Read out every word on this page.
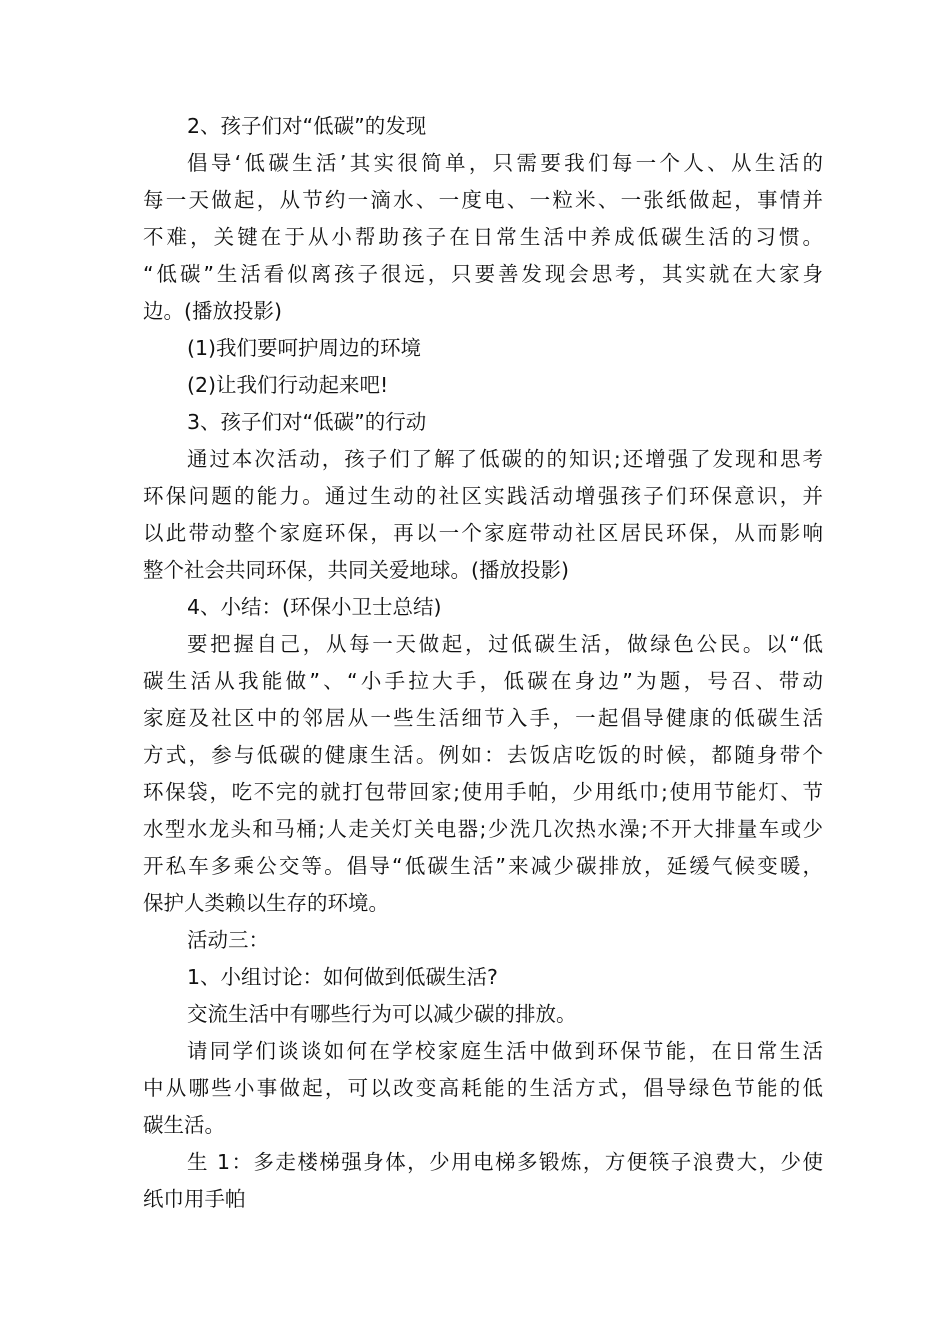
2、孩子们对“低碳”的发现
倡导‘低碳生活’其实很简单，只需要我们每一个人、从生活的
每一天做起，从节约一滴水、一度电、一粒米、一张纸做起，事情并
不难，关键在于从小帮助孩子在日常生活中养成低碳生活的习惯。
“低碳”生活看似离孩子很远，只要善发现会思考，其实就在大家身
边。(播放投影)
(1)我们要呵护周边的环境
(2)让我们行动起来吧!
3、孩子们对“低碳”的行动
通过本次活动，孩子们了解了低碳的的知识;还增强了发现和思考
环保问题的能力。通过生动的社区实践活动增强孩子们环保意识，并
以此带动整个家庭环保，再以一个家庭带动社区居民环保，从而影响
整个社会共同环保，共同关爱地球。(播放投影)
4、小结：(环保小卫士总结)
要把握自己，从每一天做起，过低碳生活，做绿色公民。以“低
碳生活从我能做”、“小手拉大手，低碳在身边”为题，号召、带动
家庭及社区中的邻居从一些生活细节入手，一起倡导健康的低碳生活
方式，参与低碳的健康生活。例如：去饭店吃饭的时候，都随身带个
环保袋，吃不完的就打包带回家;使用手帕，少用纸巾;使用节能灯、节
水型水龙头和马桶;人走关灯关电器;少洗几次热水澡;不开大排量车或少
开私车多乘公交等。倡导“低碳生活”来减少碳排放，延缓气候变暖，
保护人类赖以生存的环境。
活动三：
1、小组讨论：如何做到低碳生活?
交流生活中有哪些行为可以减少碳的排放。
请同学们谈谈如何在学校家庭生活中做到环保节能，在日常生活
中从哪些小事做起，可以改变高耗能的生活方式，倡导绿色节能的低
碳生活。
生 1：多走楼梯强身体，少用电梯多锻炼，方便筷子浪费大，少使
纸巾用手帕
